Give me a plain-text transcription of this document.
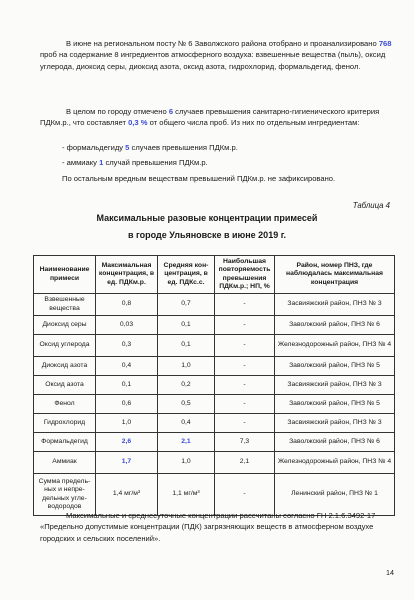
В июне на региональном посту № 6 Заволжского района отобрано и проанализировано 768 проб на содержание 8 ингредиентов атмосферного воздуха: взвешенные вещества (пыль), оксид углерода, диоксид серы, диоксид азота, оксид азота, гидрохлорид, формальдегид, фенол.

В целом по городу отмечено 6 случаев превышения санитарно-гигиенического критерия ПДКм.р., что составляет 0,3 % от общего числа проб. Из них по отдельным ингредиентам:

- формальдегиду 5 случаев превышения ПДКм.р.

- аммиаку 1 случай превышения ПДКм.р.

По остальным вредным веществам превышений ПДКм.р. не зафиксировано.

Таблица 4
Максимальные разовые концентрации примесей
в городе Ульяновске в июне 2019 г.
Наименование примеси	Максимальная концентрация, в ед. ПДКм.р.	Средняя кон-центрация, в ед. ПДКс.с.	Наибольшая повторяемость превышения ПДКм.р.; НП, %	Район, номер ПНЗ, где наблюдалась максимальная концентрация
Взвешенные вещества	0,8	0,7	-	Засвияжский район, ПНЗ № 3
Диоксид серы	0,03	0,1	-	Заволжский район, ПНЗ № 6
Оксид углерода	0,3	0,1	-	Железнодорожный район, ПНЗ № 4
Диоксид азота	0,4	1,0	-	Заволжский район, ПНЗ № 5
Оксид азота	0,1	0,2	-	Засвияжский район, ПНЗ № 3
Фенол	0,6	0,5	-	Заволжский район, ПНЗ № 5
Гидрохлорид	1,0	0,4	-	Засвияжский район, ПНЗ № 3
Формальдегид	2,6	2,1	7,3	Заволжский район, ПНЗ № 6
Аммиак	1,7	1,0	2,1	Железнодорожный район, ПНЗ № 4
Сумма предель-ных и непре-дельных угле-водородов	1,4 мг/м³	1,1 мг/м³	-	Ленинский район, ПНЗ № 1

Максимальные и среднесуточные концентрации рассчитаны согласно ГН 2.1.6.3492-17 «Предельно допустимые концентрации (ПДК) загрязняющих веществ в атмосферном воздухе городских и сельских поселений».

14
